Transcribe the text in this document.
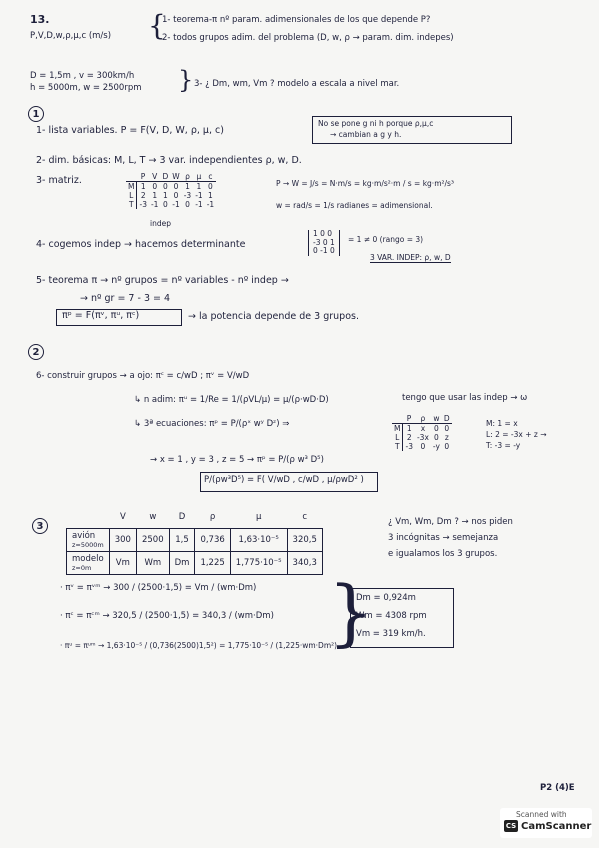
13.
P,V,D,w,ρ,μ,c (m/s) {
1- teorema-π nº param. adimensionales de los que depende P?
2- todos grupos adim. del problema (D, w, ρ → param. dim. indepes)
D = 1,5m , v = 300km/h
h = 5000m, w = 2500rpm } 3- ¿ Dm, wm, Vm ? modelo a escala a nivel mar.
1
1- lista variables. P = F(V, D, W, ρ, μ, c)
No se pone g ni h porque ρ,μ,c
→ cambian a g y h.
2- dim. básicas: M, L, T → 3 var. independientes ρ, w, D.
3- matriz.
		P	V	D	W	ρ	μ	c
M	1	0	0	0	1	1	0
L	2	1	1	0	-3	-1	1
T	-3	-1	0	-1	0	-1	-1
indep
P → W = J/s = N·m/s = kg·m/s²·m / s = kg·m²/s³
w = rad/s = 1/s radianes = adimensional.
4- cogemos indep → hacemos determinante
1 0 0
-3 0 1
0 -1 0
= 1 ≠ 0 (rango = 3)
3 VAR. INDEP: ρ, w, D
5- teorema π → nº grupos = nº variables - nº indep →
→ nº gr = 7 - 3 = 4
πᵖ = F(πᵛ, πᵘ, πᶜ)	→ la potencia depende de 3 grupos.
2
6- construir grupos → a ojo: πᶜ = c/wD ; πᵛ = V/wD
↳ n adim: πᵘ = 1/Re = 1/(ρVL/μ) = μ/(ρ·wD·D)	tengo que usar las indep → ω
↳ 3ª ecuaciones: πᵖ = P/(ρˣ wʸ Dᶻ) ⇒
	P	ρ	w	D
M	1	x	0	0
L	2	-3x	0	z
T	-3	0	-y	0
M: 1 = x
L: 2 = -3x + z →
T: -3 = -y
→ x = 1 , y = 3 , z = 5 → πᵖ = P/(ρ w³ D⁵)
P/(ρw³D⁵) = F( V/wD , c/wD , μ/ρwD² )
3
	V	w	D	ρ	μ	c

avión
z=5000m	300	2500	1,5	0,736	1,63·10⁻⁵	320,5

modelo
z=0m	Vm	Wm	Dm	1,225	1,775·10⁻⁵	340,3
¿ Vm, Wm, Dm ? → nos piden
3 incógnitas → semejanza
e igualamos los 3 grupos.
· πᵛ = πᵛᵐ → 300 / (2500·1,5) = Vm / (wm·Dm)
· πᶜ = πᶜᵐ → 320,5 / (2500·1,5) = 340,3 / (wm·Dm)
· πᵘ = πᵘᵐ → 1,63·10⁻⁵ / (0,736(2500)1,5²) = 1,775·10⁻⁵ / (1,225·wm·Dm²)
}
Dm = 0,924m
Wm = 4308 rpm
Vm = 319 km/h.
P2 (4)E
Scanned with
CS CamScanner
